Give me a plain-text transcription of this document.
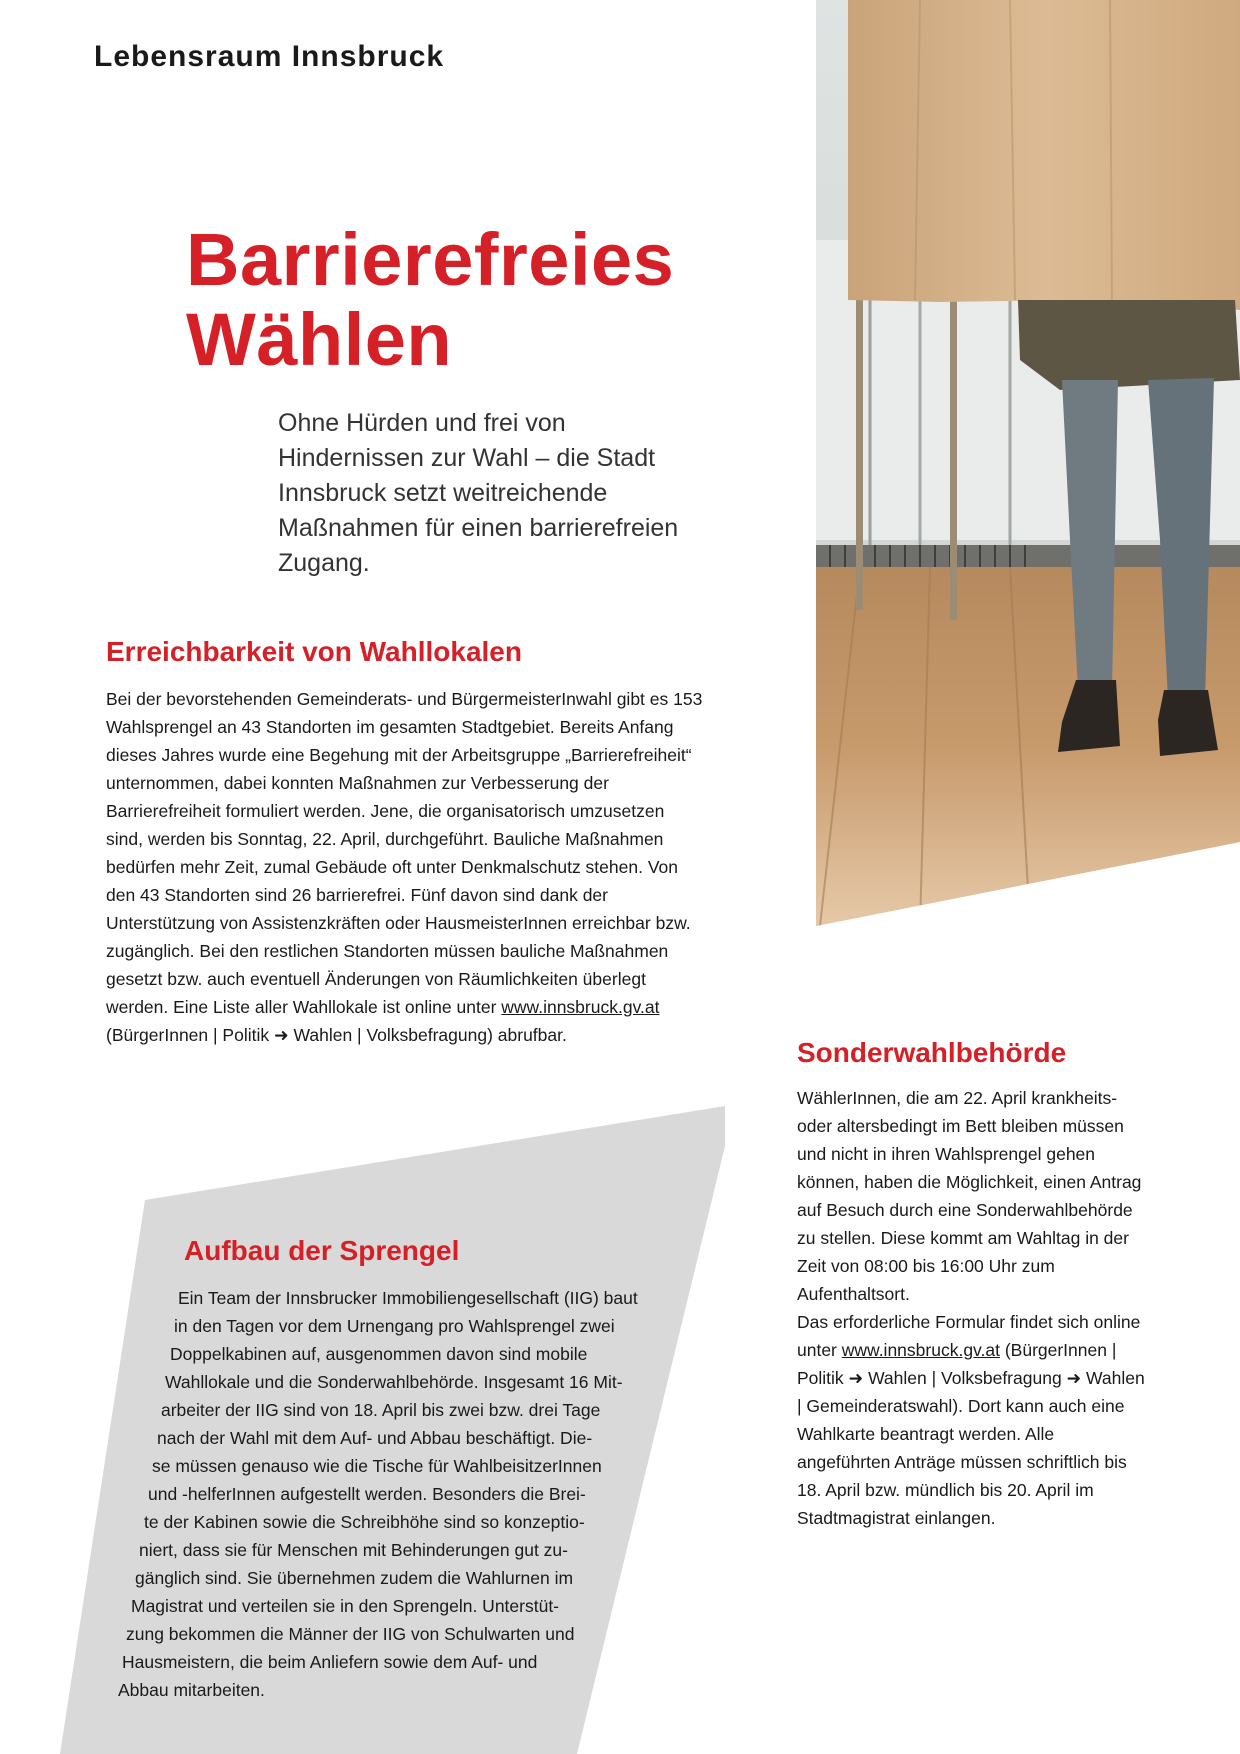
Lebensraum Innsbruck
Barrierefreies
Wählen

Ohne Hürden und frei von Hindernissen zur Wahl – die Stadt Innsbruck setzt weitreichende Maßnahmen für einen barrierefreien Zugang.

Erreichbarkeit von Wahllokalen

Bei der bevorstehenden Gemeinderats- und BürgermeisterInwahl gibt es 153 Wahlsprengel an 43 Standorten im gesamten Stadtgebiet. Bereits Anfang dieses Jahres wurde eine Begehung mit der Arbeitsgruppe „Barrierefreiheit“ unternommen, dabei konnten Maßnahmen zur Verbesserung der Barrierefreiheit formuliert werden. Jene, die organisatorisch umzusetzen sind, werden bis Sonntag, 22. April, durchgeführt. Bauliche Maßnahmen bedürfen mehr Zeit, zumal Gebäude oft unter Denkmalschutz stehen. Von den 43 Standorten sind 26 barrierefrei. Fünf davon sind dank der Unterstützung von Assistenzkräften oder HausmeisterInnen erreichbar bzw. zugänglich. Bei den restlichen Standorten müssen bauliche Maßnahmen gesetzt bzw. auch eventuell Änderungen von Räumlichkeiten überlegt werden. Eine Liste aller Wahllokale ist online unter www.innsbruck.gv.at (BürgerInnen | Politik ➜ Wahlen | Volksbefragung) abrufbar.

Aufbau der Sprengel
Ein Team der Innsbrucker Immobiliengesellschaft (IIG) baut
in den Tagen vor dem Urnengang pro Wahlsprengel zwei
Doppelkabinen auf, ausgenommen davon sind mobile
Wahllokale und die Sonderwahlbehörde. Insgesamt 16 Mit-
arbeiter der IIG sind von 18. April bis zwei bzw. drei Tage
nach der Wahl mit dem Auf- und Abbau beschäftigt. Die-
se müssen genauso wie die Tische für WahlbeisitzerInnen
und -helferInnen aufgestellt werden. Besonders die Brei-
te der Kabinen sowie die Schreibhöhe sind so konzeptio-
niert, dass sie für Menschen mit Behinderungen gut zu-
gänglich sind. Sie übernehmen zudem die Wahlurnen im
Magistrat und verteilen sie in den Sprengeln. Unterstüt-
zung bekommen die Männer der IIG von Schulwarten und
Hausmeistern, die beim Anliefern sowie dem Auf- und
Abbau mitarbeiten.
Sonderwahlbehörde

WählerInnen, die am 22. April krankheits- oder altersbedingt im Bett bleiben müssen und nicht in ihren Wahlsprengel gehen können, haben die Möglichkeit, einen Antrag auf Besuch durch eine Sonderwahlbehörde zu stellen. Diese kommt am Wahltag in der Zeit von 08:00 bis 16:00 Uhr zum Aufenthaltsort.

Das erforderliche Formular findet sich online unter www.innsbruck.gv.at (BürgerInnen | Politik ➜ Wahlen | Volksbefragung ➜ Wahlen | Gemeinderatswahl). Dort kann auch eine Wahlkarte beantragt werden. Alle angeführten Anträge müssen schriftlich bis 18. April bzw. mündlich bis 20. April im Stadtmagistrat einlangen.
